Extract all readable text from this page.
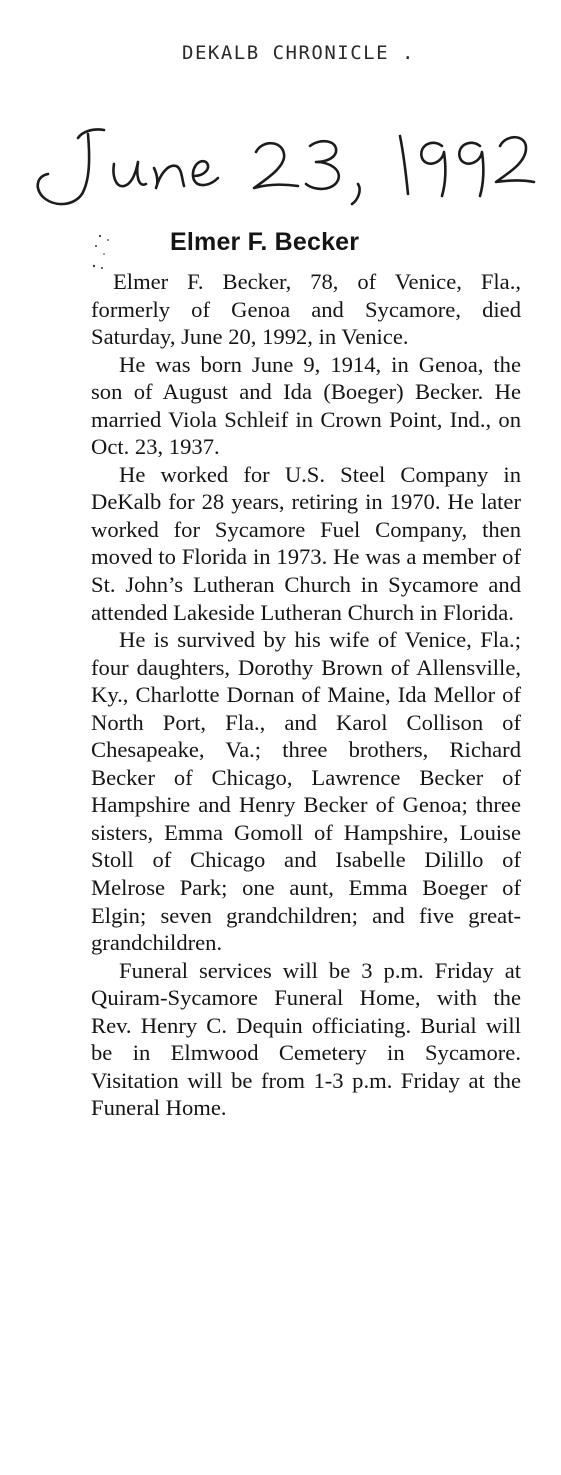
DEKALB CHRONICLE .
Elmer F. Becker

Elmer F. Becker, 78, of Venice, Fla., formerly of Genoa and Sycamore, died Saturday, June 20, 1992, in Venice.

He was born June 9, 1914, in Genoa, the son of August and Ida (Boeger) Becker. He married Viola Schleif in Crown Point, Ind., on Oct. 23, 1937.

He worked for U.S. Steel Company in DeKalb for 28 years, retiring in 1970. He later worked for Sycamore Fuel Company, then moved to Florida in 1973. He was a member of St. John’s Lutheran Church in Sycamore and attended Lakeside Lutheran Church in Florida.

He is survived by his wife of Venice, Fla.; four daughters, Dorothy Brown of Allensville, Ky., Charlotte Dornan of Maine, Ida Mellor of North Port, Fla., and Karol Collison of Chesapeake, Va.; three brothers, Richard Becker of Chicago, Lawrence Becker of Hampshire and Henry Becker of Genoa; three sisters, Emma Gomoll of Hampshire, Louise Stoll of Chicago and Isabelle Dilillo of Melrose Park; one aunt, Emma Boeger of Elgin; seven grandchildren; and five great-grandchildren.

Funeral services will be 3 p.m. Friday at Quiram-Sycamore Funeral Home, with the Rev. Henry C. Dequin officiating. Burial will be in Elmwood Cemetery in Sycamore. Visitation will be from 1-3 p.m. Friday at the Funeral Home.
